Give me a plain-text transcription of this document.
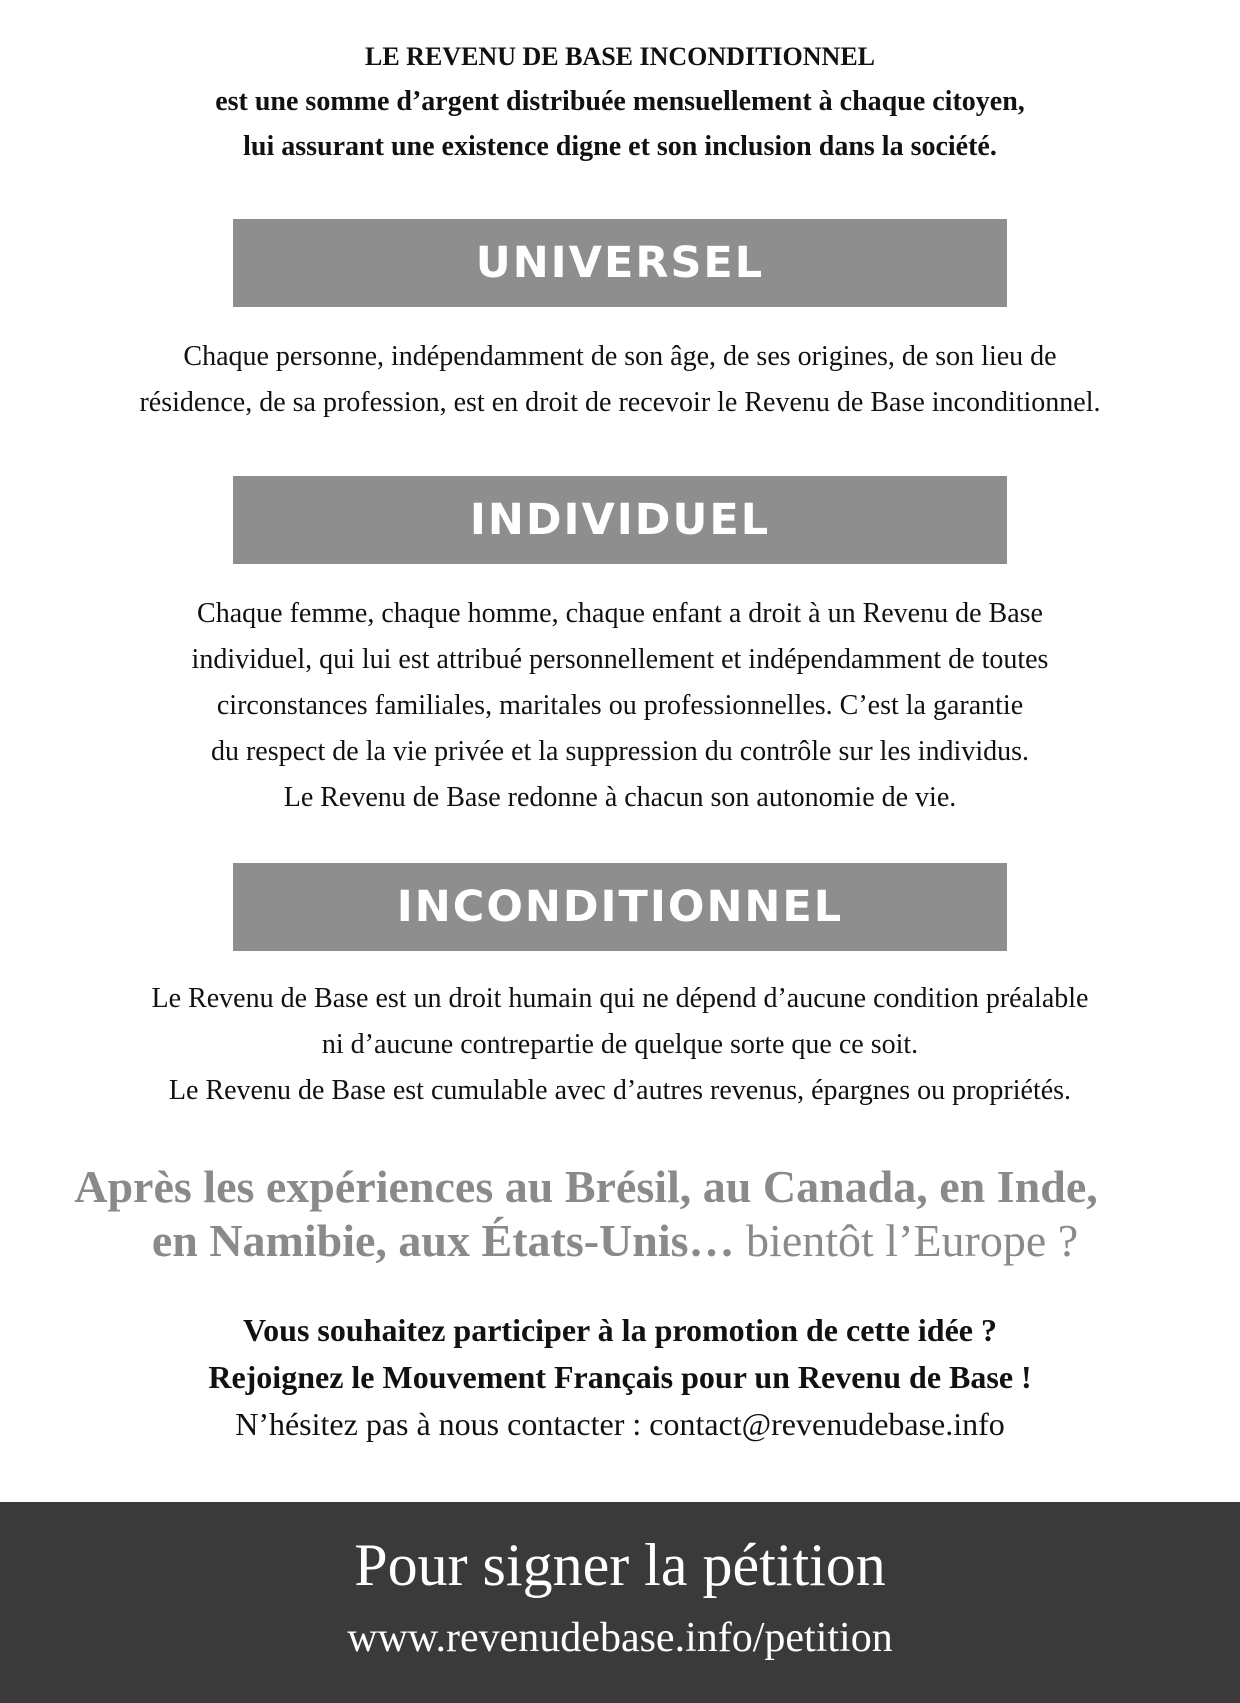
LE REVENU DE BASE INCONDITIONNEL
est une somme d’argent distribuée mensuellement à chaque citoyen,
lui assurant une existence digne et son inclusion dans la société.
UNIVERSEL
Chaque personne, indépendamment de son âge, de ses origines, de son lieu de
résidence, de sa profession, est en droit de recevoir le Revenu de Base inconditionnel.
INDIVIDUEL
Chaque femme, chaque homme, chaque enfant a droit à un Revenu de Base
individuel, qui lui est attribué personnellement et indépendamment de toutes
circonstances familiales, maritales ou professionnelles. C’est la garantie
du respect de la vie privée et la suppression du contrôle sur les individus.
Le Revenu de Base redonne à chacun son autonomie de vie.
INCONDITIONNEL
Le Revenu de Base est un droit humain qui ne dépend d’aucune condition préalable
ni d’aucune contrepartie de quelque sorte que ce soit.
Le Revenu de Base est cumulable avec d’autres revenus, épargnes ou propriétés.
Après les expériences au Brésil, au Canada, en Inde,
en Namibie, aux États-Unis… bientôt l’Europe ?
Vous souhaitez participer à la promotion de cette idée ?
Rejoignez le Mouvement Français pour un Revenu de Base !
N’hésitez pas à nous contacter : contact@revenudebase.info
Pour signer la pétition
www.revenudebase.info/petition
